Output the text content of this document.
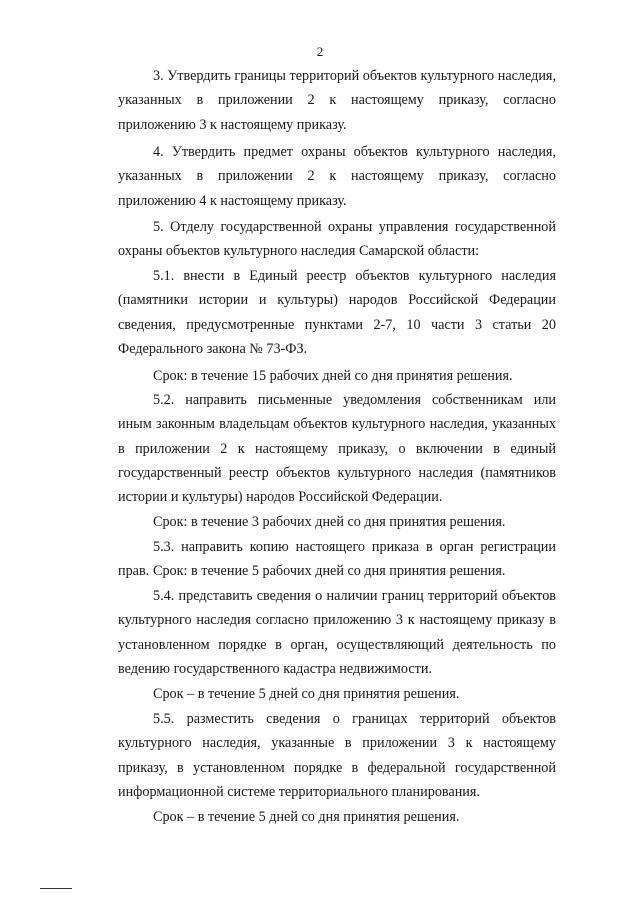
2

3. Утвердить границы территорий объектов культурного наследия, указанных в приложении 2 к настоящему приказу, согласно приложению 3 к настоящему приказу.

4. Утвердить предмет охраны объектов культурного наследия, указанных в приложении 2 к настоящему приказу, согласно приложению 4 к настоящему приказу.

5. Отделу государственной охраны управления государственной охраны объектов культурного наследия Самарской области:

5.1. внести в Единый реестр объектов культурного наследия (памятники истории и культуры) народов Российской Федерации сведения, предусмотренные пунктами 2-7, 10 части 3 статьи 20 Федерального закона № 73-ФЗ.

Срок: в течение 15 рабочих дней со дня принятия решения.

5.2. направить письменные уведомления собственникам или иным законным владельцам объектов культурного наследия, указанных в приложении 2 к настоящему приказу, о включении в единый государственный реестр объектов культурного наследия (памятников истории и культуры) народов Российской Федерации.

Срок: в течение 3 рабочих дней со дня принятия решения.

5.3. направить копию настоящего приказа в орган регистрации прав. Срок: в течение 5 рабочих дней со дня принятия решения.

5.4. представить сведения о наличии границ территорий объектов культурного наследия согласно приложению 3 к настоящему приказу в установленном порядке в орган, осуществляющий деятельность по ведению государственного кадастра недвижимости.

Срок – в течение 5 дней со дня принятия решения.

5.5. разместить сведения о границах территорий объектов культурного наследия, указанные в приложении 3 к настоящему приказу, в установленном порядке в федеральной государственной информационной системе территориального планирования.

Срок – в течение 5 дней со дня принятия решения.
